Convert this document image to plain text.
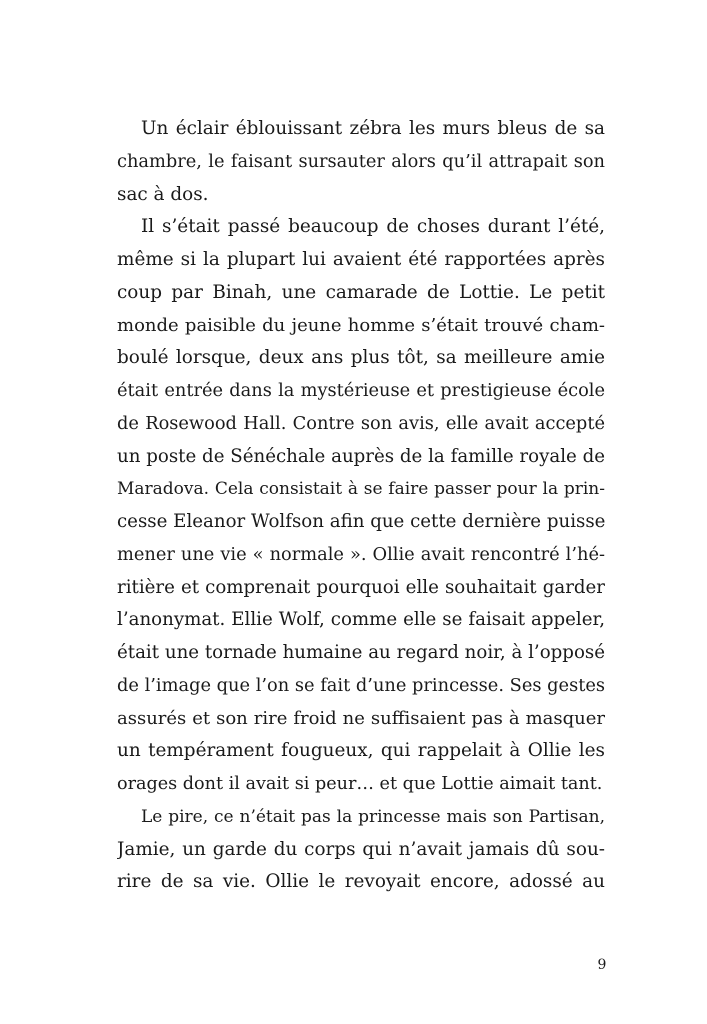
Un éclair éblouissant zébra les murs bleus de sa
chambre, le faisant sursauter alors qu’il attrapait son
sac à dos.
Il s’était passé beaucoup de choses durant l’été,
même si la plupart lui avaient été rapportées après
coup par Binah, une camarade de Lottie. Le petit
monde paisible du jeune homme s’était trouvé cham-
boulé lorsque, deux ans plus tôt, sa meilleure amie
était entrée dans la mystérieuse et prestigieuse école
de Rosewood Hall. Contre son avis, elle avait accepté
un poste de Sénéchale auprès de la famille royale de
Maradova. Cela consistait à se faire passer pour la prin-
cesse Eleanor Wolfson afin que cette dernière puisse
mener une vie « normale ». Ollie avait rencontré l’hé-
ritière et comprenait pourquoi elle souhaitait garder
l’anonymat. Ellie Wolf, comme elle se faisait appeler,
était une tornade humaine au regard noir, à l’opposé
de l’image que l’on se fait d’une princesse. Ses gestes
assurés et son rire froid ne suffisaient pas à masquer
un tempérament fougueux, qui rappelait à Ollie les
orages dont il avait si peur… et que Lottie aimait tant.
Le pire, ce n’était pas la princesse mais son Partisan,
Jamie, un garde du corps qui n’avait jamais dû sou-
rire de sa vie. Ollie le revoyait encore, adossé au
9
